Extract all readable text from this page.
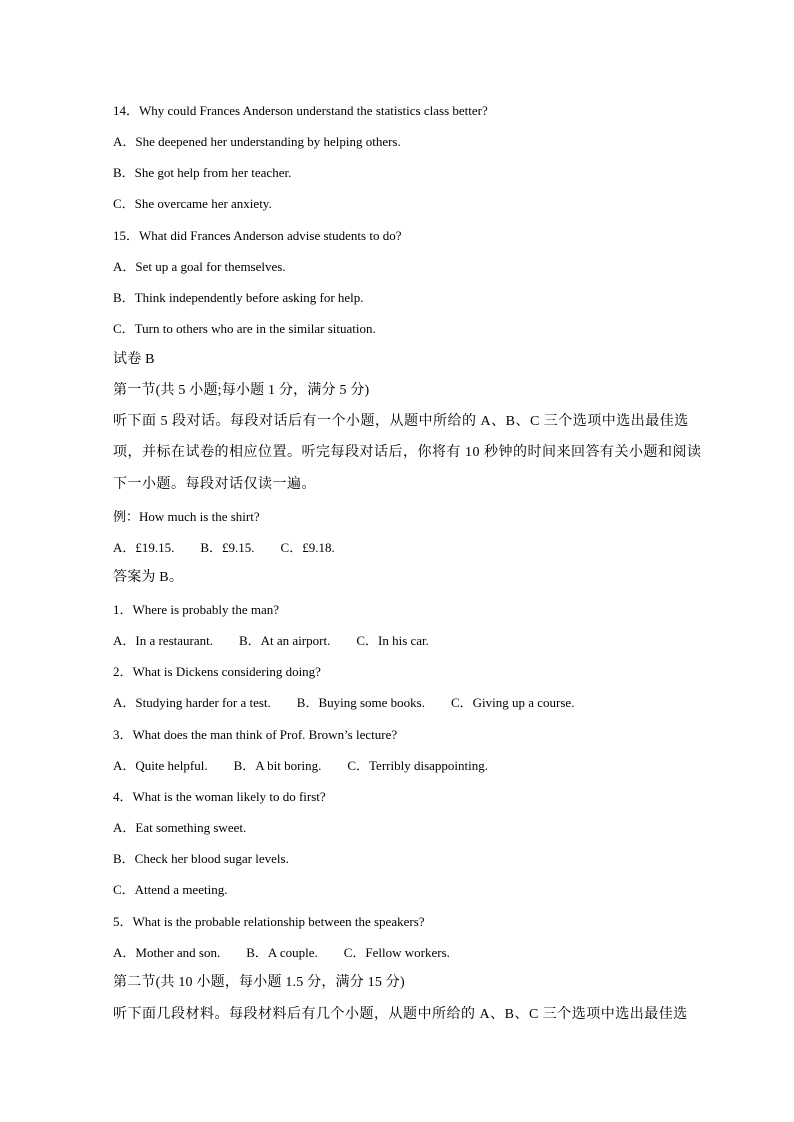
14．Why could Frances Anderson understand the statistics class better?
A．She deepened her understanding by helping others.
B．She got help from her teacher.
C．She overcame her anxiety.
15．What did Frances Anderson advise students to do?
A．Set up a goal for themselves.
B．Think independently before asking for help.
C．Turn to others who are in the similar situation.
试卷 B
第一节(共 5 小题;每小题 1 分，满分 5 分)
听下面 5 段对话。每段对话后有一个小题，从题中所给的 A、B、C 三个选项中选出最佳选
项，并标在试卷的相应位置。听完每段对话后，你将有 10 秒钟的时间来回答有关小题和阅读
下一小题。每段对话仅读一遍。
例：How much is the shirt?
A．£19.15.        B．£9.15.        C．£9.18.
答案为 B。
1．Where is probably the man?
A．In a restaurant.        B．At an airport.        C．In his car.
2．What is Dickens considering doing?
A．Studying harder for a test.        B．Buying some books.        C．Giving up a course.
3．What does the man think of Prof. Brown’s lecture?
A．Quite helpful.        B．A bit boring.        C．Terribly disappointing.
4．What is the woman likely to do first?
A．Eat something sweet.
B．Check her blood sugar levels.
C．Attend a meeting.
5．What is the probable relationship between the speakers?
A．Mother and son.        B．A couple.        C．Fellow workers.
第二节(共 10 小题，每小题 1.5 分，满分 15 分)
听下面几段材料。每段材料后有几个小题，从题中所给的 A、B、C 三个选项中选出最佳选
